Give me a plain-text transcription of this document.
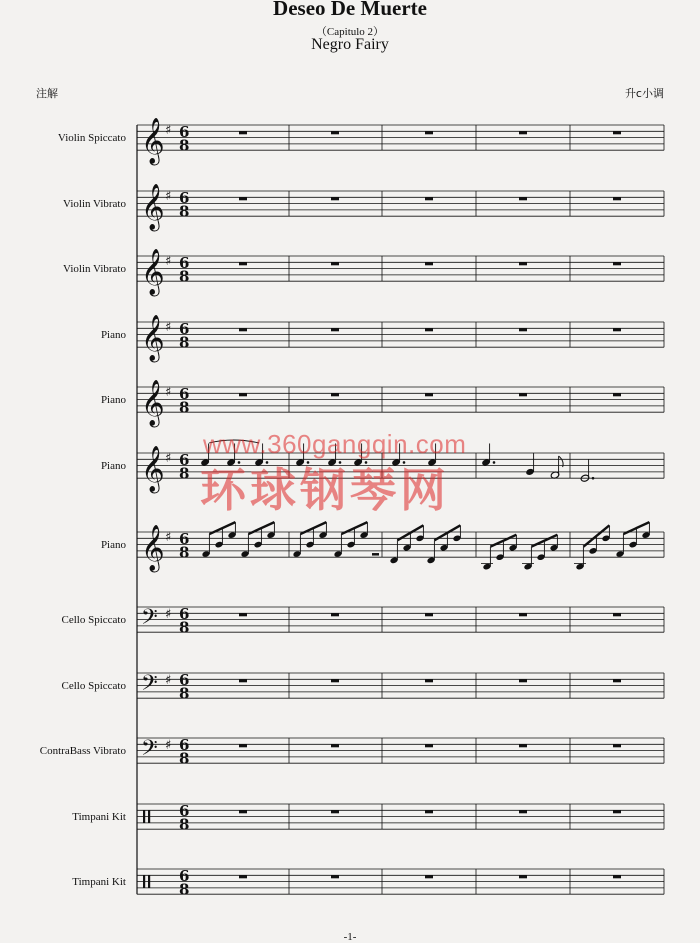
Deseo De Muerte
（Capitulo 2）
Negro Fairy
注解	升c小调
Violin Spiccato
Violin Vibrato
Violin Vibrato
Piano
Piano
Piano
Piano
Cello Spiccato
Cello Spiccato
ContraBass Vibrato
Timpani Kit
Timpani Kit
𝄞 ♯ 6
8
𝄞 ♯ 6
8
𝄞 ♯ 6
8
𝄞 ♯ 6
8
𝄞 ♯ 6
8
𝄞 ♯ 6
8
𝄞 ♯ 6
8
𝄢 ♯ 6
8
𝄢 ♯ 6
8
𝄢 ♯ 6
8
6
8
6
8
www.360gangqin.com
环球钢琴网
-1-
